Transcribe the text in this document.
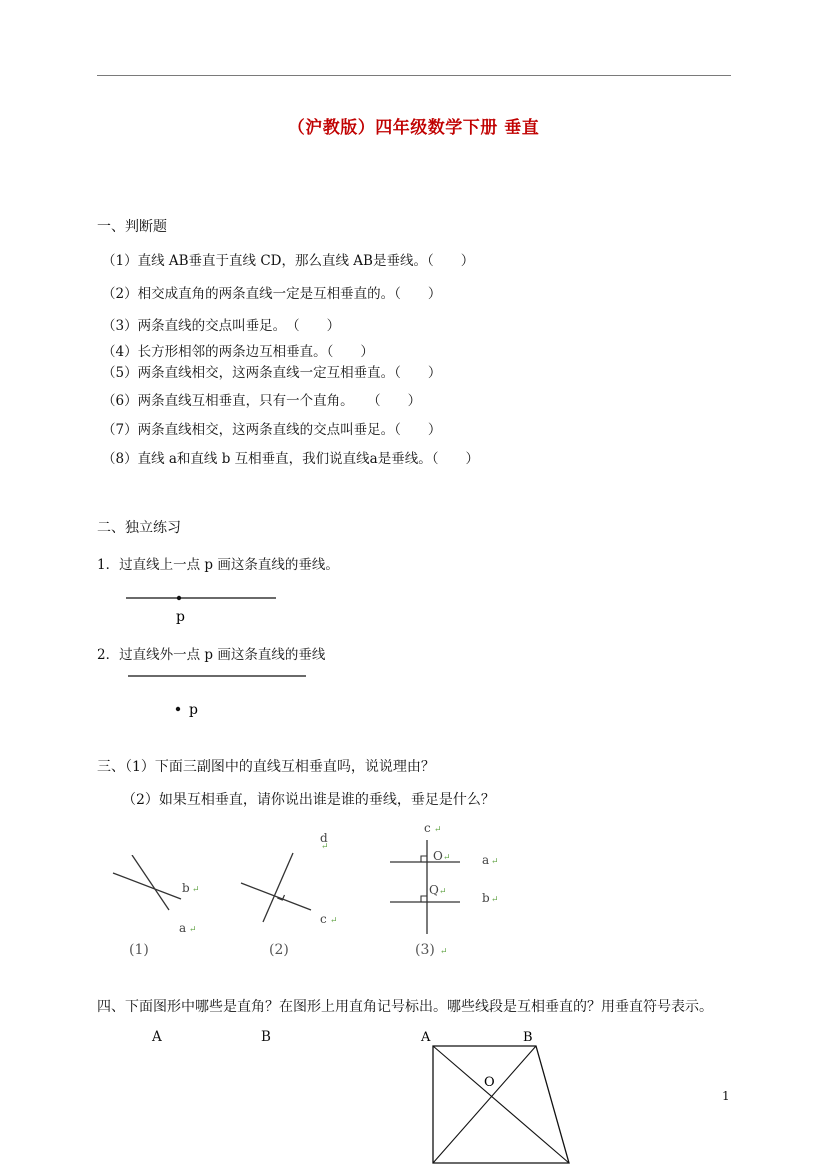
（沪教版）四年级数学下册 垂直
一、判断题
（1）直线 AB垂直于直线 CD，那么直线 AB是垂线。（　　）
（2）相交成直角的两条直线一定是互相垂直的。（　　）
（3）两条直线的交点叫垂足。　（　　）
（4）长方形相邻的两条边互相垂直。（　　）
（5）两条直线相交，这两条直线一定互相垂直。（　　）
（6）两条直线互相垂直，只有一个直角。　　（　　）
（7）两条直线相交，这两条直线的交点叫垂足。（　　）
（8）直线 a和直线 b 互相垂直，我们说直线a是垂线。（　　）
二、独立练习
1．过直线上一点 p 画这条直线的垂线。
p
2．过直线外一点 p 画这条直线的垂线
p
三、（1）下面三副图中的直线互相垂直吗，说说理由？
（2）如果互相垂直，请你说出谁是谁的垂线，垂足是什么？
b ↵
a ↵
(1)
d
↵
c ↵
(2)
c ↵
O ↵	a ↵
Q ↵	b ↵
(3) ↵
四、下面图形中哪些是直角？在图形上用直角记号标出。哪些线段是互相垂直的？用垂直符号表示。
A	B	A	B
O
1
